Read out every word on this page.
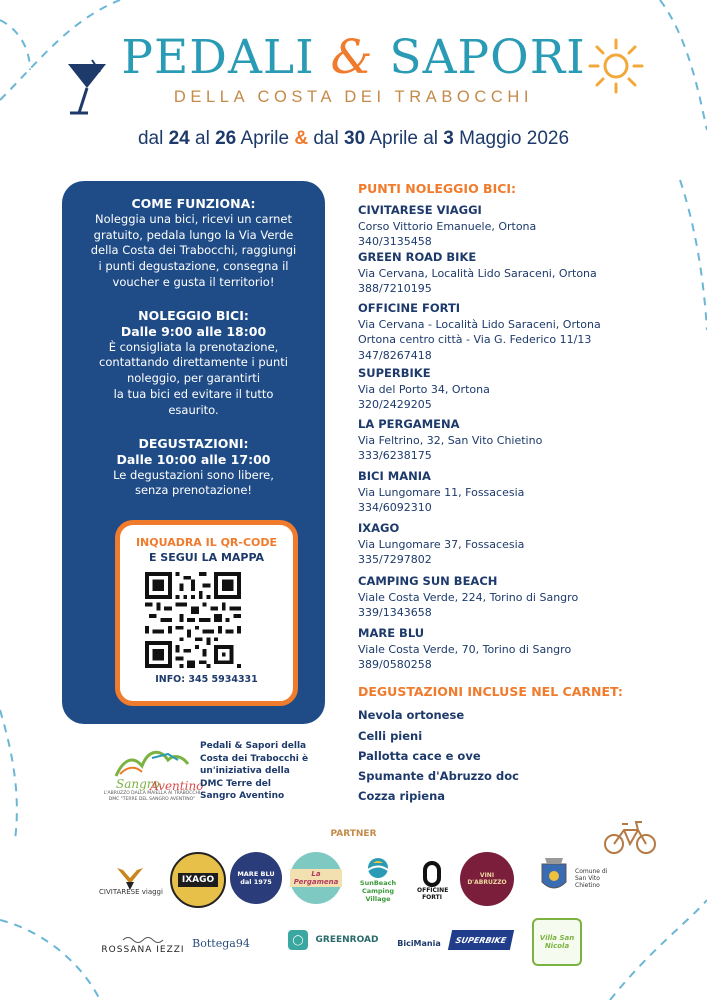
PEDALI & SAPORI
DELLA COSTA DEI TRABOCCHI
dal 24 al 26 Aprile & dal 30 Aprile al 3 Maggio 2026
COME FUNZIONA:
Noleggia una bici, ricevi un carnet
gratuito, pedala lungo la Via Verde
della Costa dei Trabocchi, raggiungi
i punti degustazione, consegna il
voucher e gusta il territorio!
NOLEGGIO BICI:
Dalle 9:00 alle 18:00
È consigliata la prenotazione,
contattando direttamente i punti
noleggio, per garantirti
la tua bici ed evitare il tutto
esaurito.
DEGUSTAZIONI:
Dalle 10:00 alle 17:00
Le degustazioni sono libere,
senza prenotazione!
INQUADRA IL QR-CODE
E SEGUI LA MAPPA
INFO: 345 5934331
PUNTI NOLEGGIO BICI:
CIVITARESE VIAGGI
Corso Vittorio Emanuele, Ortona
340/3135458
GREEN ROAD BIKE
Via Cervana, Località Lido Saraceni, Ortona
388/7210195
OFFICINE FORTI
Via Cervana - Località Lido Saraceni, Ortona
Ortona centro città - Via G. Federico 11/13
347/8267418
SUPERBIKE
Via del Porto 34, Ortona
320/2429205
LA PERGAMENA
Via Feltrino, 32, San Vito Chietino
333/6238175
BICI MANIA
Via Lungomare 11, Fossacesia
334/6092310
IXAGO
Via Lungomare 37, Fossacesia
335/7297802
CAMPING SUN BEACH
Viale Costa Verde, 224, Torino di Sangro
339/1343658
MARE BLU
Viale Costa Verde, 70, Torino di Sangro
389/0580258
DEGUSTAZIONI INCLUSE NEL CARNET:
Nevola ortonese
Celli pieni
Pallotta cace e ove
Spumante d'Abruzzo doc
Cozza ripiena
Sangro
Aventino
L'ABRUZZO DALLA MAIELLA AI TRABOCCHI
DMC "TERRE DEL SANGRO AVENTINO"
Pedali & Sapori della
Costa dei Trabocchi è
un'iniziativa della
DMC Terre del
Sangro Aventino
PARTNER
CIVITARESE viaggi
IXAGO
MARE BLU dal 1975
La Pergamena	SunBeach Camping Village
OFFICINE FORTI
VINI D'ABRUZZO
Comune di San Vito Chietino
ROSSANA IEZZI
Bottega94	◯ GREENROAD BiciMania SUPERBIKE	Villa San Nicola
